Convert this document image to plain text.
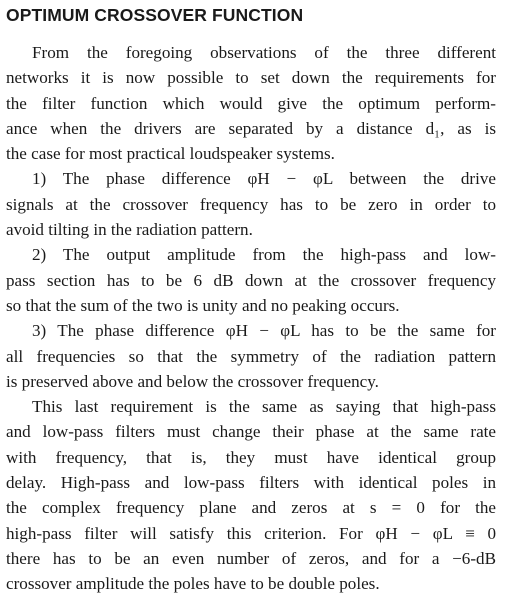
OPTIMUM CROSSOVER FUNCTION
From the foregoing observations of the three different
networks it is now possible to set down the requirements for
the filter function which would give the optimum perform-
ance when the drivers are separated by a distance d₁, as is
the case for most practical loudspeaker systems.
1) The phase difference φH − φL between the drive
signals at the crossover frequency has to be zero in order to
avoid tilting in the radiation pattern.
2) The output amplitude from the high-pass and low-
pass section has to be 6 dB down at the crossover frequency
so that the sum of the two is unity and no peaking occurs.
3) The phase difference φH − φL has to be the same for
all frequencies so that the symmetry of the radiation pattern
is preserved above and below the crossover frequency.
This last requirement is the same as saying that high-pass
and low-pass filters must change their phase at the same rate
with frequency, that is, they must have identical group
delay. High-pass and low-pass filters with identical poles in
the complex frequency plane and zeros at s = 0 for the
high-pass filter will satisfy this criterion. For φH − φL ≡ 0
there has to be an even number of zeros, and for a −6-dB
crossover amplitude the poles have to be double poles.
